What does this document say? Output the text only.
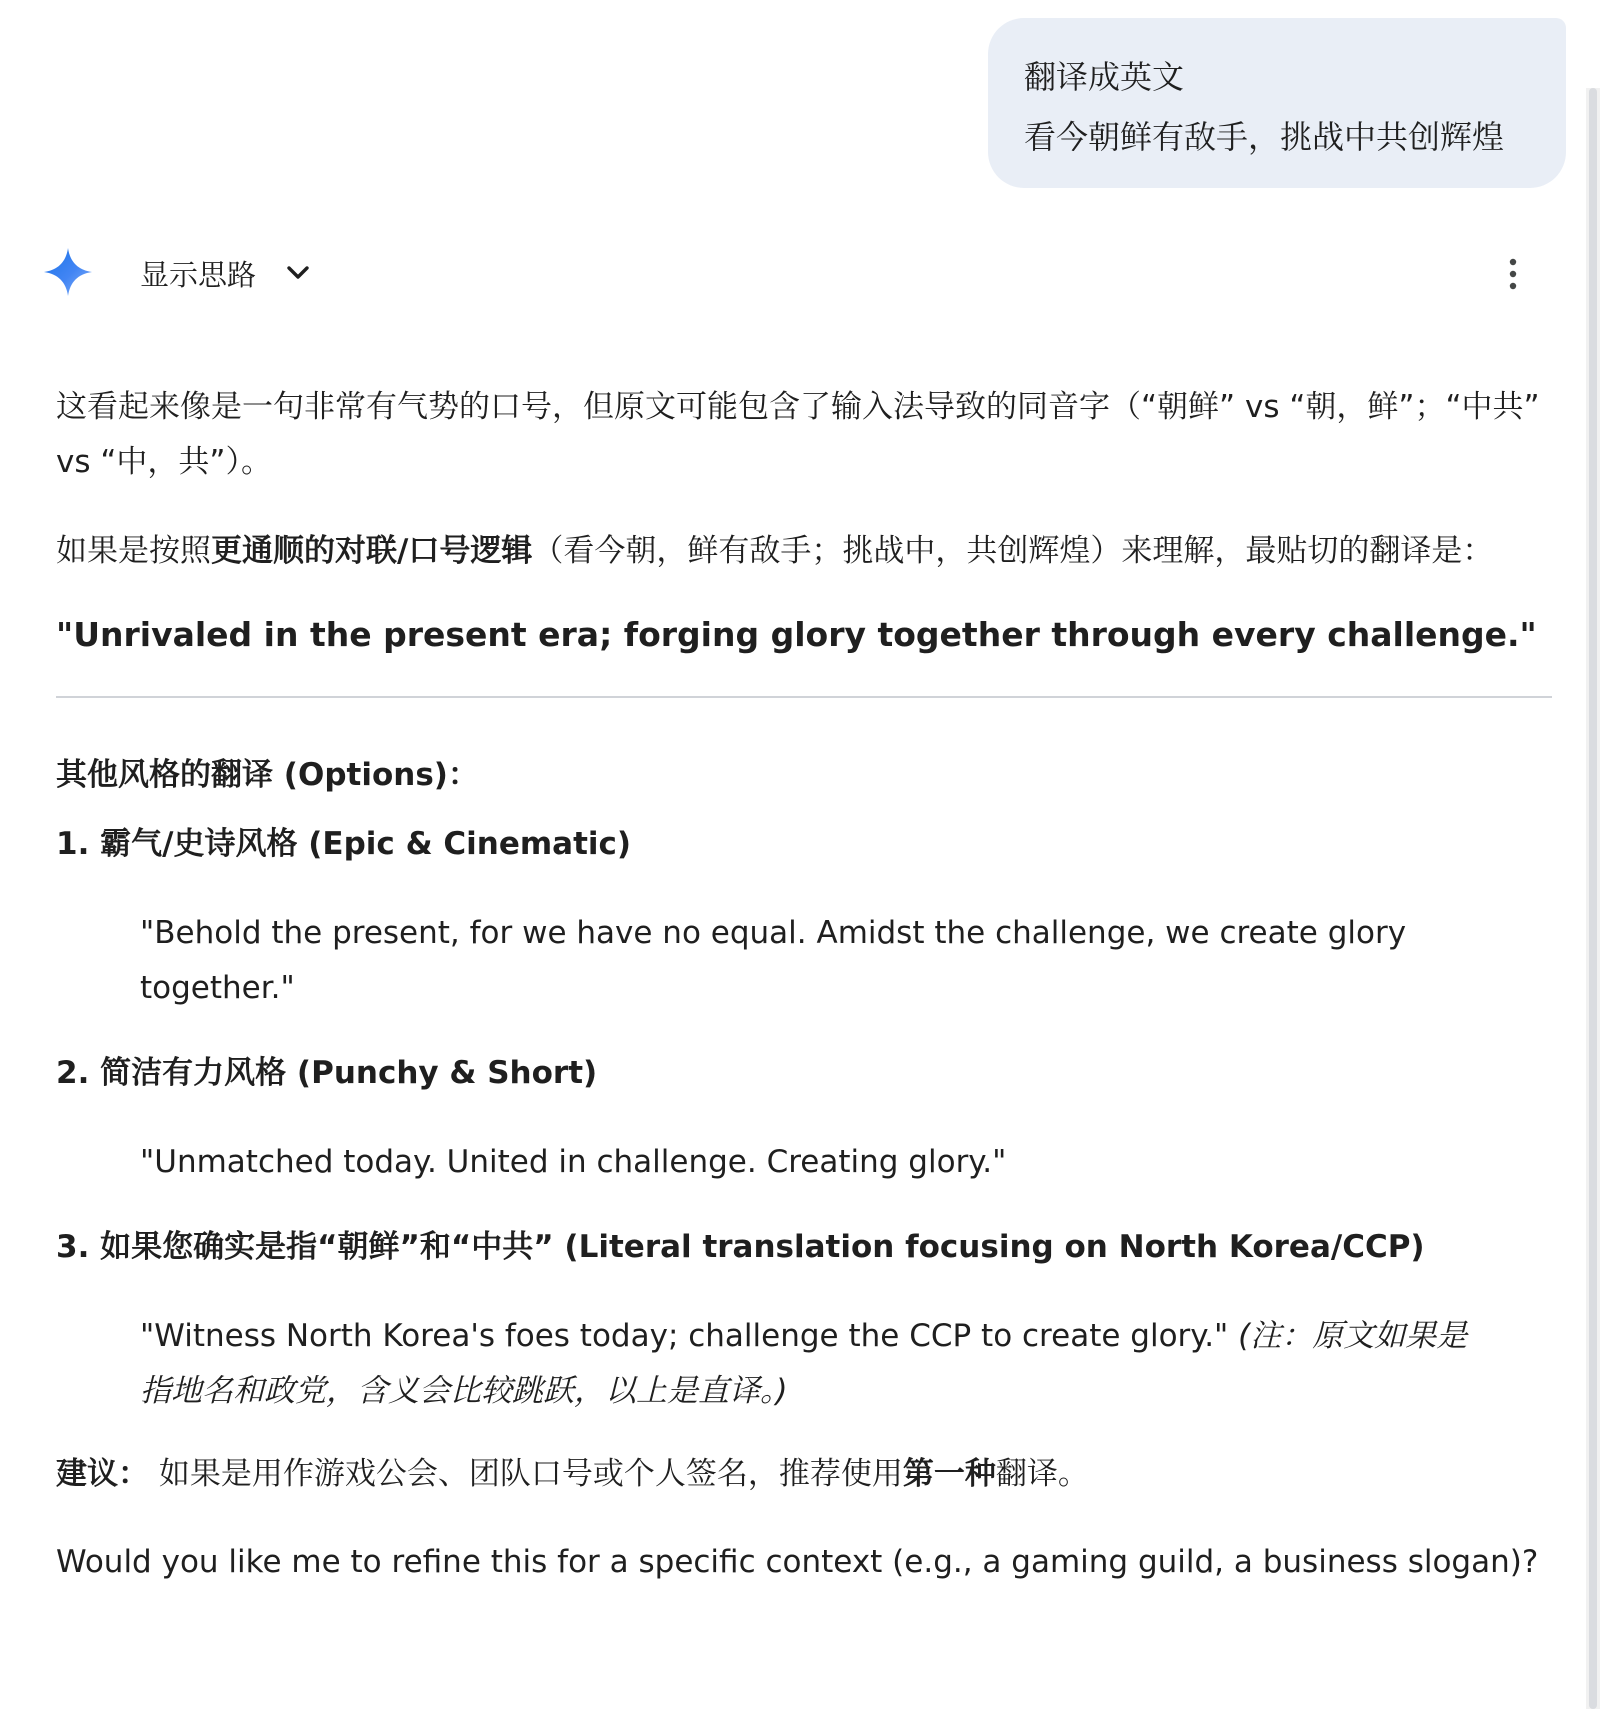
翻译成英文
看今朝鲜有敌手，挑战中共创辉煌
显示思路

这看起来像是一句非常有气势的口号，但原文可能包含了输入法导致的同音字（“朝鲜” vs “朝，鲜”；“中共” vs “中，共”）。

如果是按照更通顺的对联/口号逻辑（看今朝，鲜有敌手；挑战中，共创辉煌）来理解，最贴切的翻译是：

"Unrivaled in the present era; forging glory together through every challenge."

其他风格的翻译 (Options)：

1. 霸气/史诗风格 (Epic & Cinematic)

"Behold the present, for we have no equal. Amidst the challenge, we create glory together."

2. 简洁有力风格 (Punchy & Short)

"Unmatched today. United in challenge. Creating glory."

3. 如果您确实是指“朝鲜”和“中共” (Literal translation focusing on North Korea/CCP)

"Witness North Korea's foes today; challenge the CCP to create glory." (注：原文如果是指地名和政党，含义会比较跳跃，以上是直译。)

建议： 如果是用作游戏公会、团队口号或个人签名，推荐使用第一种翻译。

Would you like me to refine this for a specific context (e.g., a gaming guild, a business slogan)?
